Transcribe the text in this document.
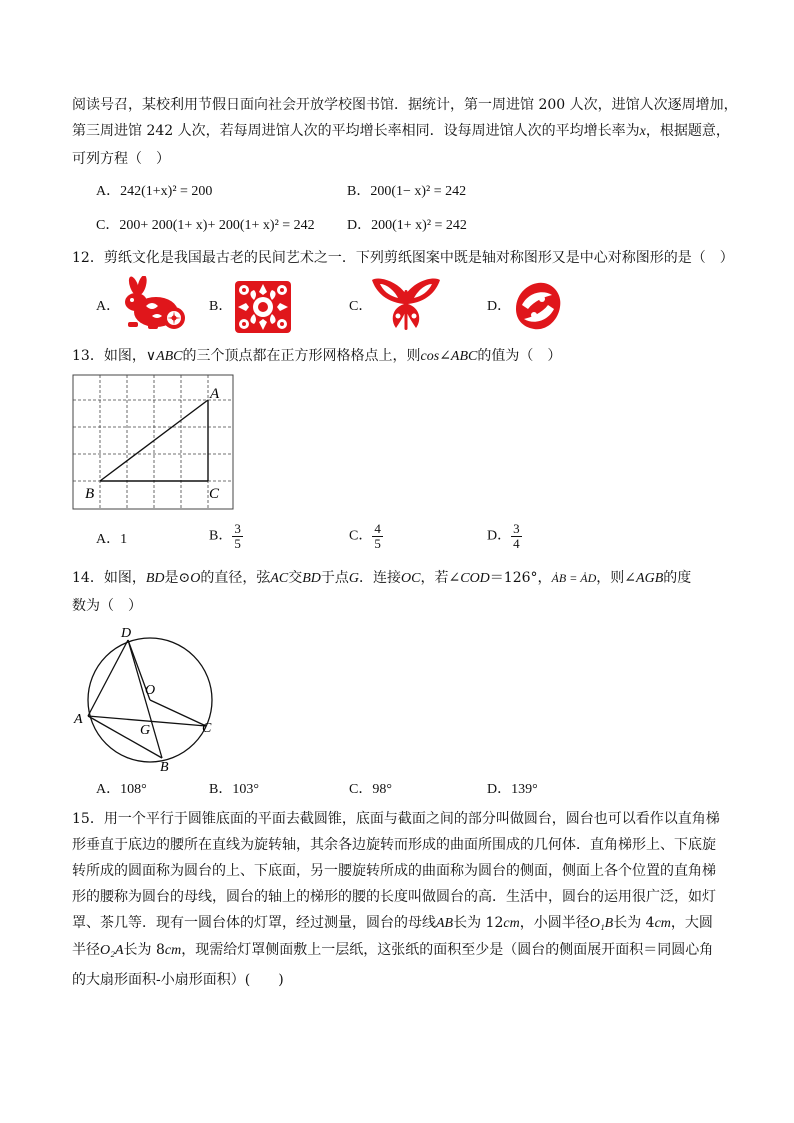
阅读号召，某校利用节假日面向社会开放学校图书馆．据统计，第一周进馆 200 人次，进馆人次逐周增加，
第三周进馆 242 人次，若每周进馆人次的平均增长率相同．设每周进馆人次的平均增长率为x，根据题意，
可列方程（　）
A．242(1+x)² = 200	B．200(1− x)² = 242
C．200+ 200(1+ x)+ 200(1+ x)² = 242 D．200(1+ x)² = 242
12．剪纸文化是我国最古老的民间艺术之一．下列剪纸图案中既是轴对称图形又是中心对称图形的是（　）
A．	B．	C．	D．
13．如图，∨ABC的三个顶点都在正方形网格格点上，则cos∠ABC的值为（　）
A
B	C
A．1	B． $\frac{3}{5}$	C． $\frac{4}{5}$	D． $\frac{3}{4}$
14．如图，BD是⊙O的直径，弦AC交BD于点G．连接OC，若∠COD＝126°，ȦB = ȦD，则∠AGB的度
数为（　）
D
O
A
G	C
B
A．108°	B．103°	C．98°	D．139°
15．用一个平行于圆锥底面的平面去截圆锥，底面与截面之间的部分叫做圆台，圆台也可以看作以直角梯
形垂直于底边的腰所在直线为旋转轴，其余各边旋转而形成的曲面所围成的几何体．直角梯形上、下底旋
转所成的圆面称为圆台的上、下底面，另一腰旋转所成的曲面称为圆台的侧面，侧面上各个位置的直角梯
形的腰称为圆台的母线，圆台的轴上的梯形的腰的长度叫做圆台的高．生活中，圆台的运用很广泛，如灯
罩、茶几等．现有一圆台体的灯罩，经过测量，圆台的母线AB长为 12cm，小圆半径O₁B长为 4cm，大圆
半径O₂A长为 8cm，现需给灯罩侧面敷上一层纸，这张纸的面积至少是（圆台的侧面展开面积＝同圆心角
的大扇形面积-小扇形面积）(　　)
